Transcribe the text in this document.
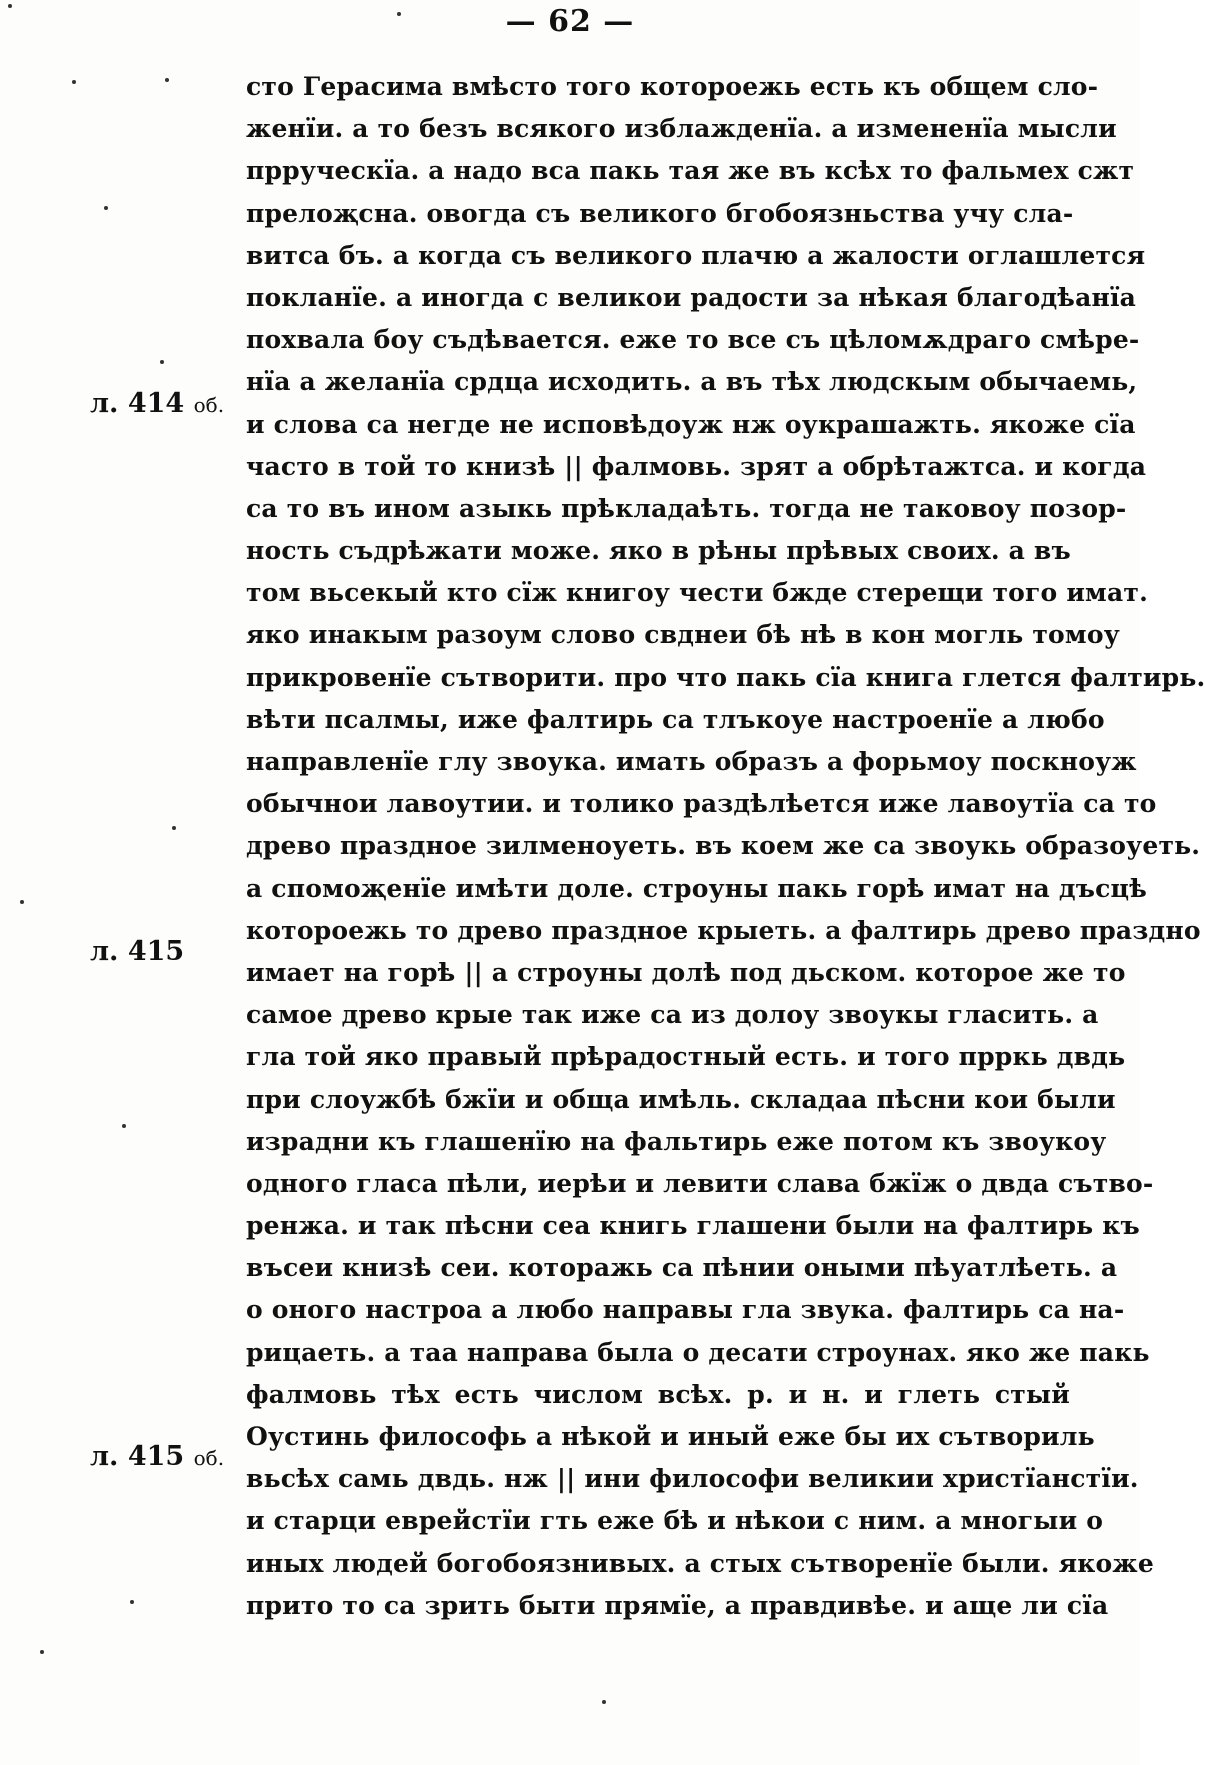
— 62 —
л. 414 об.
л. 415
л. 415 об.
сто Герасима вмѣсто того котороежь есть къ общем сло-
женїи. а то безъ всякого изблажденїа. а измененїа мысли
прруческїа. а надо вса пакь тая же въ ксѣх то фальмех сжт
прелоҗсна. овогда съ великого бгобоязньства учу слa-
витса бъ. а когда съ великого плачю а жалости оглашлется
покланїе. а иногда с великои радости за нѣкая благодѣанїа
похвала боу съдѣвается. еже то все съ цѣломѫдраго смѣре-
нїа а желанїа срдца исходить. а въ тѣх людскым обычаемь,
и слова са негде не исповѣдоуж нж оукрашажть. якоже сїа
часто в той то книзѣ || фалмовь. зрят а обрѣтажтса. и когда
са то въ ином азыкь прѣкладаѣть. тогда не таковоу позор-
ность съдрѣжати може. яко в рѣны прѣвых своих. а въ
том вьсекый кто сїж книгоу чести бжде стерещи того имат.
яко инакым разоум слово свднеи бѣ нѣ в кон могль томоу
прикровенїе сътворити. про что пакь сїа книга глется фалтирь.
вѣти псалмы, иже фалтирь са тлъкоуе настроенїе а любо
направленїе глу звоука. имать образъ а форьмоу поскноуж
обычнои лавоутии. и толико раздѣлѣется иже лавоутїа са то
древо праздное зилменоуеть. въ коем же са звоукь образоуеть.
а спомоҗенїе имѣти доле. строуны пакь горѣ имат на дъсцѣ
котороежь то древо праздное крыеть. а фалтирь древо праздно
имает на горѣ || а строуны долѣ под дьском. котороe же то
самое древо крые так иже са из долоу звоукы гласить. а
гла той яко правый прѣрадостный есть. и того прркь двдь
при слоужбѣ бжїи и обща имѣль. складаа пѣсни кои были
израдни къ глашенїю на фальтирь еже потом къ звоукоу
одного гласа пѣли, иерѣи и левити слава бжїж о двда сътво-
ренжа. и так пѣсни сеа книгь глашени были на фалтирь къ
въсеи книзѣ сеи. которажь са пѣнии оными пѣуатлѣеть. а
о оного настроа а любо направы гла звука. фалтирь са на-
рицаеть. а таа направа была о десати строунах. яко же пакь
фалмовь тѣх есть числом всѣх. р. и н. и глеть стый
Оустинь философь а нѣкой и иный еже бы их сътвориль
вьсѣх самь двдь. нж || ини философи великии христїанстїи.
и старци еврейстїи гть еже бѣ и нѣкои с ним. а многыи о
иных людей богобоязнивых. а стых сътворенїе были. якоже
прито то са зрить быти прямїе, а правдивѣе. и аще ли сїа
